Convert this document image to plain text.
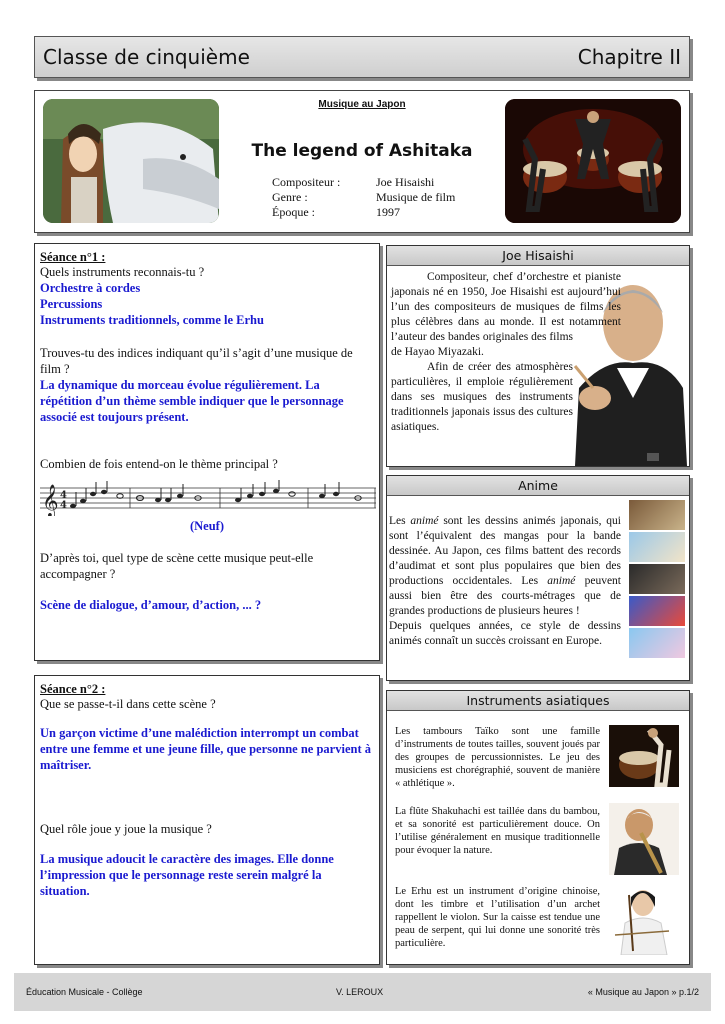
Classe de cinquième	Chapitre II
Musique au Japon
The legend of Ashitaka
Compositeur :	Joe Hisaishi
Genre :	Musique de film
Époque :	1997
Séance n°1 :
Quels instruments reconnais-tu ?
Orchestre à cordes
Percussions
Instruments traditionnels, comme le Erhu
Trouves-tu des indices indiquant qu’il s’agit d’une musique de film ?
La dynamique du morceau évolue régulièrement. La répétition d’un thème semble indiquer que le personnage associé est toujours présent.
Combien de fois entend-on le thème principal ?
𝄞 4
4
(Neuf)
D’après toi, quel type de scène cette musique peut-elle accompagner ?
Scène de dialogue, d’amour, d’action, ... ?
Séance n°2 :
Que se passe-t-il dans cette scène ?
Un garçon victime d’une malédiction interrompt un combat entre une femme et une jeune fille, que personne ne parvient à maîtriser.
Quel rôle joue y joue la musique ?
La musique adoucit le caractère des images. Elle donne l’impression que le personnage reste serein malgré la situation.
Joe Hisaishi

Compositeur, chef d’orchestre et pianiste japonais né en 1950, Joe Hisaishi est aujourd’hui l’un des compositeurs de musiques de films les plus célèbres dans au monde. Il est notamment l’auteur des bandes originales des films de Hayao Miyazaki.

Afin de créer des atmosphères particulières, il emploie régulièrement dans ses musiques des instruments traditionnels japonais issus des cultures asiatiques.

Anime

Les animé sont les dessins animés japonais, qui sont l’équivalent des mangas pour la bande dessinée. Au Japon, ces films battent des records d’audimat et sont plus populaires que bien des productions occidentales. Les animé peuvent aussi bien être des courts-métrages que de grandes productions de plusieurs heures !

Depuis quelques années, ce style de dessins animés connaît un succès croissant en Europe.

Instruments asiatiques

Les tambours Taïko sont une famille d’instruments de toutes tailles, souvent joués par des groupes de percussionnistes. Le jeu des musiciens est chorégraphié, souvent de manière « athlétique ».

La flûte Shakuhachi est taillée dans du bambou, et sa sonorité est particulièrement douce. On l’utilise généralement en musique traditionnelle pour évoquer la nature.

Le Erhu est un instrument d’origine chinoise, dont les timbre et l’utilisation d’un archet rappellent le violon. Sur la caisse est tendue une peau de serpent, qui lui donne une sonorité très particulière.

Éducation Musicale - Collège	V. LEROUX	« Musique au Japon » p.1/2
